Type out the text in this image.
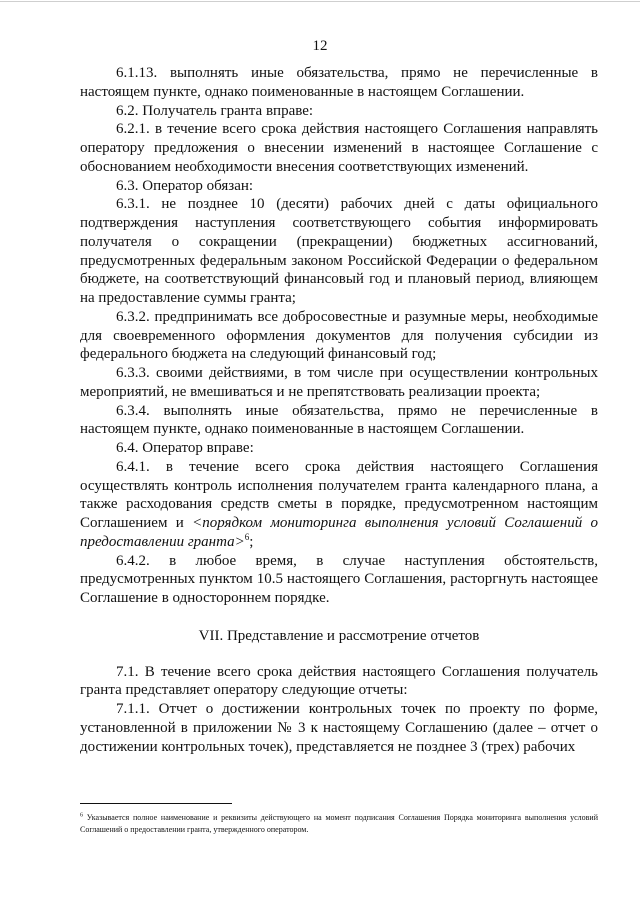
12

6.1.13. выполнять иные обязательства, прямо не перечисленные в настоящем пункте, однако поименованные в настоящем Соглашении.

6.2. Получатель гранта вправе:

6.2.1. в течение всего срока действия настоящего Соглашения направлять оператору предложения о внесении изменений в настоящее Соглашение с обоснованием необходимости внесения соответствующих изменений.

6.3. Оператор обязан:

6.3.1. не позднее 10 (десяти) рабочих дней с даты официального подтверждения наступления соответствующего события информировать получателя о сокращении (прекращении) бюджетных ассигнований, предусмотренных федеральным законом Российской Федерации о федеральном бюджете, на соответствующий финансовый год и плановый период, влияющем на предоставление суммы гранта;

6.3.2. предпринимать все добросовестные и разумные меры, необходимые для своевременного оформления документов для получения субсидии из федерального бюджета на следующий финансовый год;

6.3.3. своими действиями, в том числе при осуществлении контрольных мероприятий, не вмешиваться и не препятствовать реализации проекта;

6.3.4. выполнять иные обязательства, прямо не перечисленные в настоящем пункте, однако поименованные в настоящем Соглашении.

6.4. Оператор вправе:

6.4.1. в течение всего срока действия настоящего Соглашения осуществлять контроль исполнения получателем гранта календарного плана, а также расходования средств сметы в порядке, предусмотренном настоящим Соглашением и <порядком мониторинга выполнения условий Соглашений о предоставлении гранта>$^6$;

6.4.2. в любое время, в случае наступления обстоятельств, предусмотренных пунктом 10.5 настоящего Соглашения, расторгнуть настоящее Соглашение в одностороннем порядке.

VII. Представление и рассмотрение отчетов

7.1. В течение всего срока действия настоящего Соглашения получатель гранта представляет оператору следующие отчеты:

7.1.1. Отчет о достижении контрольных точек по проекту по форме, установленной в приложении № 3 к настоящему Соглашению (далее – отчет о достижении контрольных точек), представляется не позднее 3 (трех) рабочих

$^6$ Указывается полное наименование и реквизиты действующего на момент подписания Соглашения Порядка мониторинга выполнения условий Соглашений о предоставлении гранта, утвержденного оператором.
